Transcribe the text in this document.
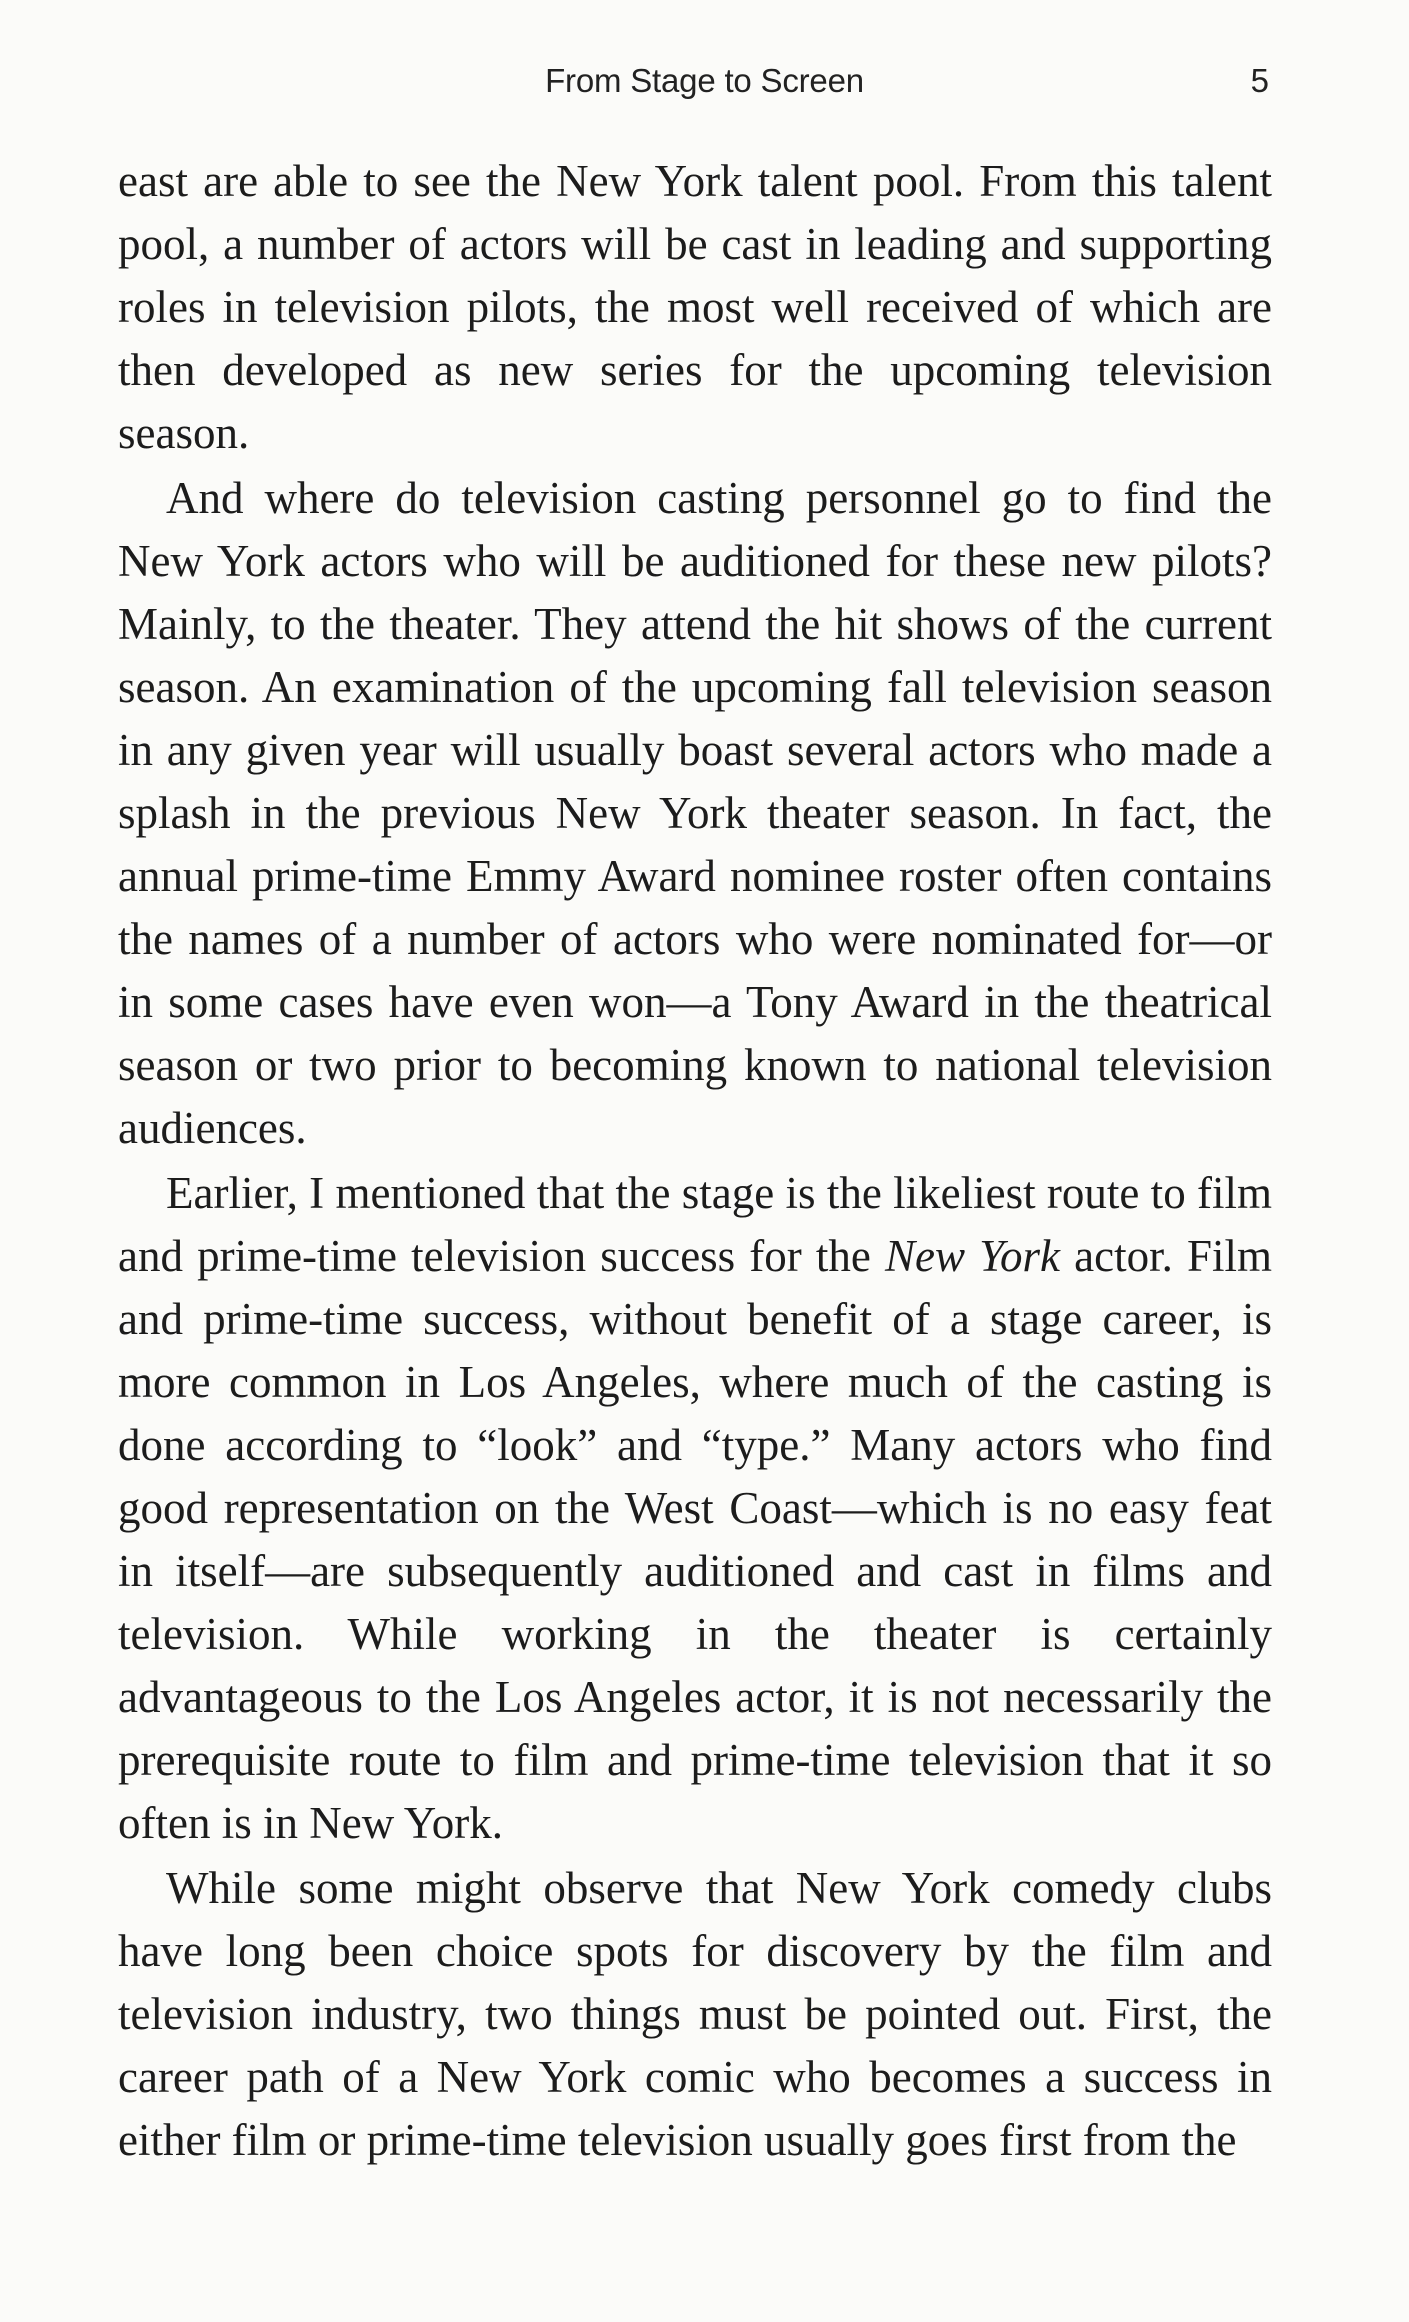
From Stage to Screen	5

east are able to see the New York talent pool. From this talent pool, a number of actors will be cast in leading and supporting roles in television pilots, the most well received of which are then developed as new series for the upcoming television season.

And where do television casting personnel go to find the New York actors who will be auditioned for these new pilots? Mainly, to the theater. They attend the hit shows of the current season. An examination of the upcoming fall television season in any given year will usually boast several actors who made a splash in the previous New York theater season. In fact, the annual prime-time Emmy Award nominee roster often contains the names of a number of actors who were nominated for—or in some cases have even won—a Tony Award in the theatrical season or two prior to becoming known to national television audiences.

Earlier, I mentioned that the stage is the likeliest route to film and prime-time television success for the New York actor. Film and prime-time success, without benefit of a stage career, is more common in Los Angeles, where much of the casting is done according to “look” and “type.” Many actors who find good representation on the West Coast—which is no easy feat in itself—are subsequently auditioned and cast in films and television. While working in the theater is certainly advantageous to the Los Angeles actor, it is not necessarily the prerequisite route to film and prime-time television that it so often is in New York.

While some might observe that New York comedy clubs have long been choice spots for discovery by the film and television industry, two things must be pointed out. First, the career path of a New York comic who becomes a success in either film or prime-time television usually goes first from the
